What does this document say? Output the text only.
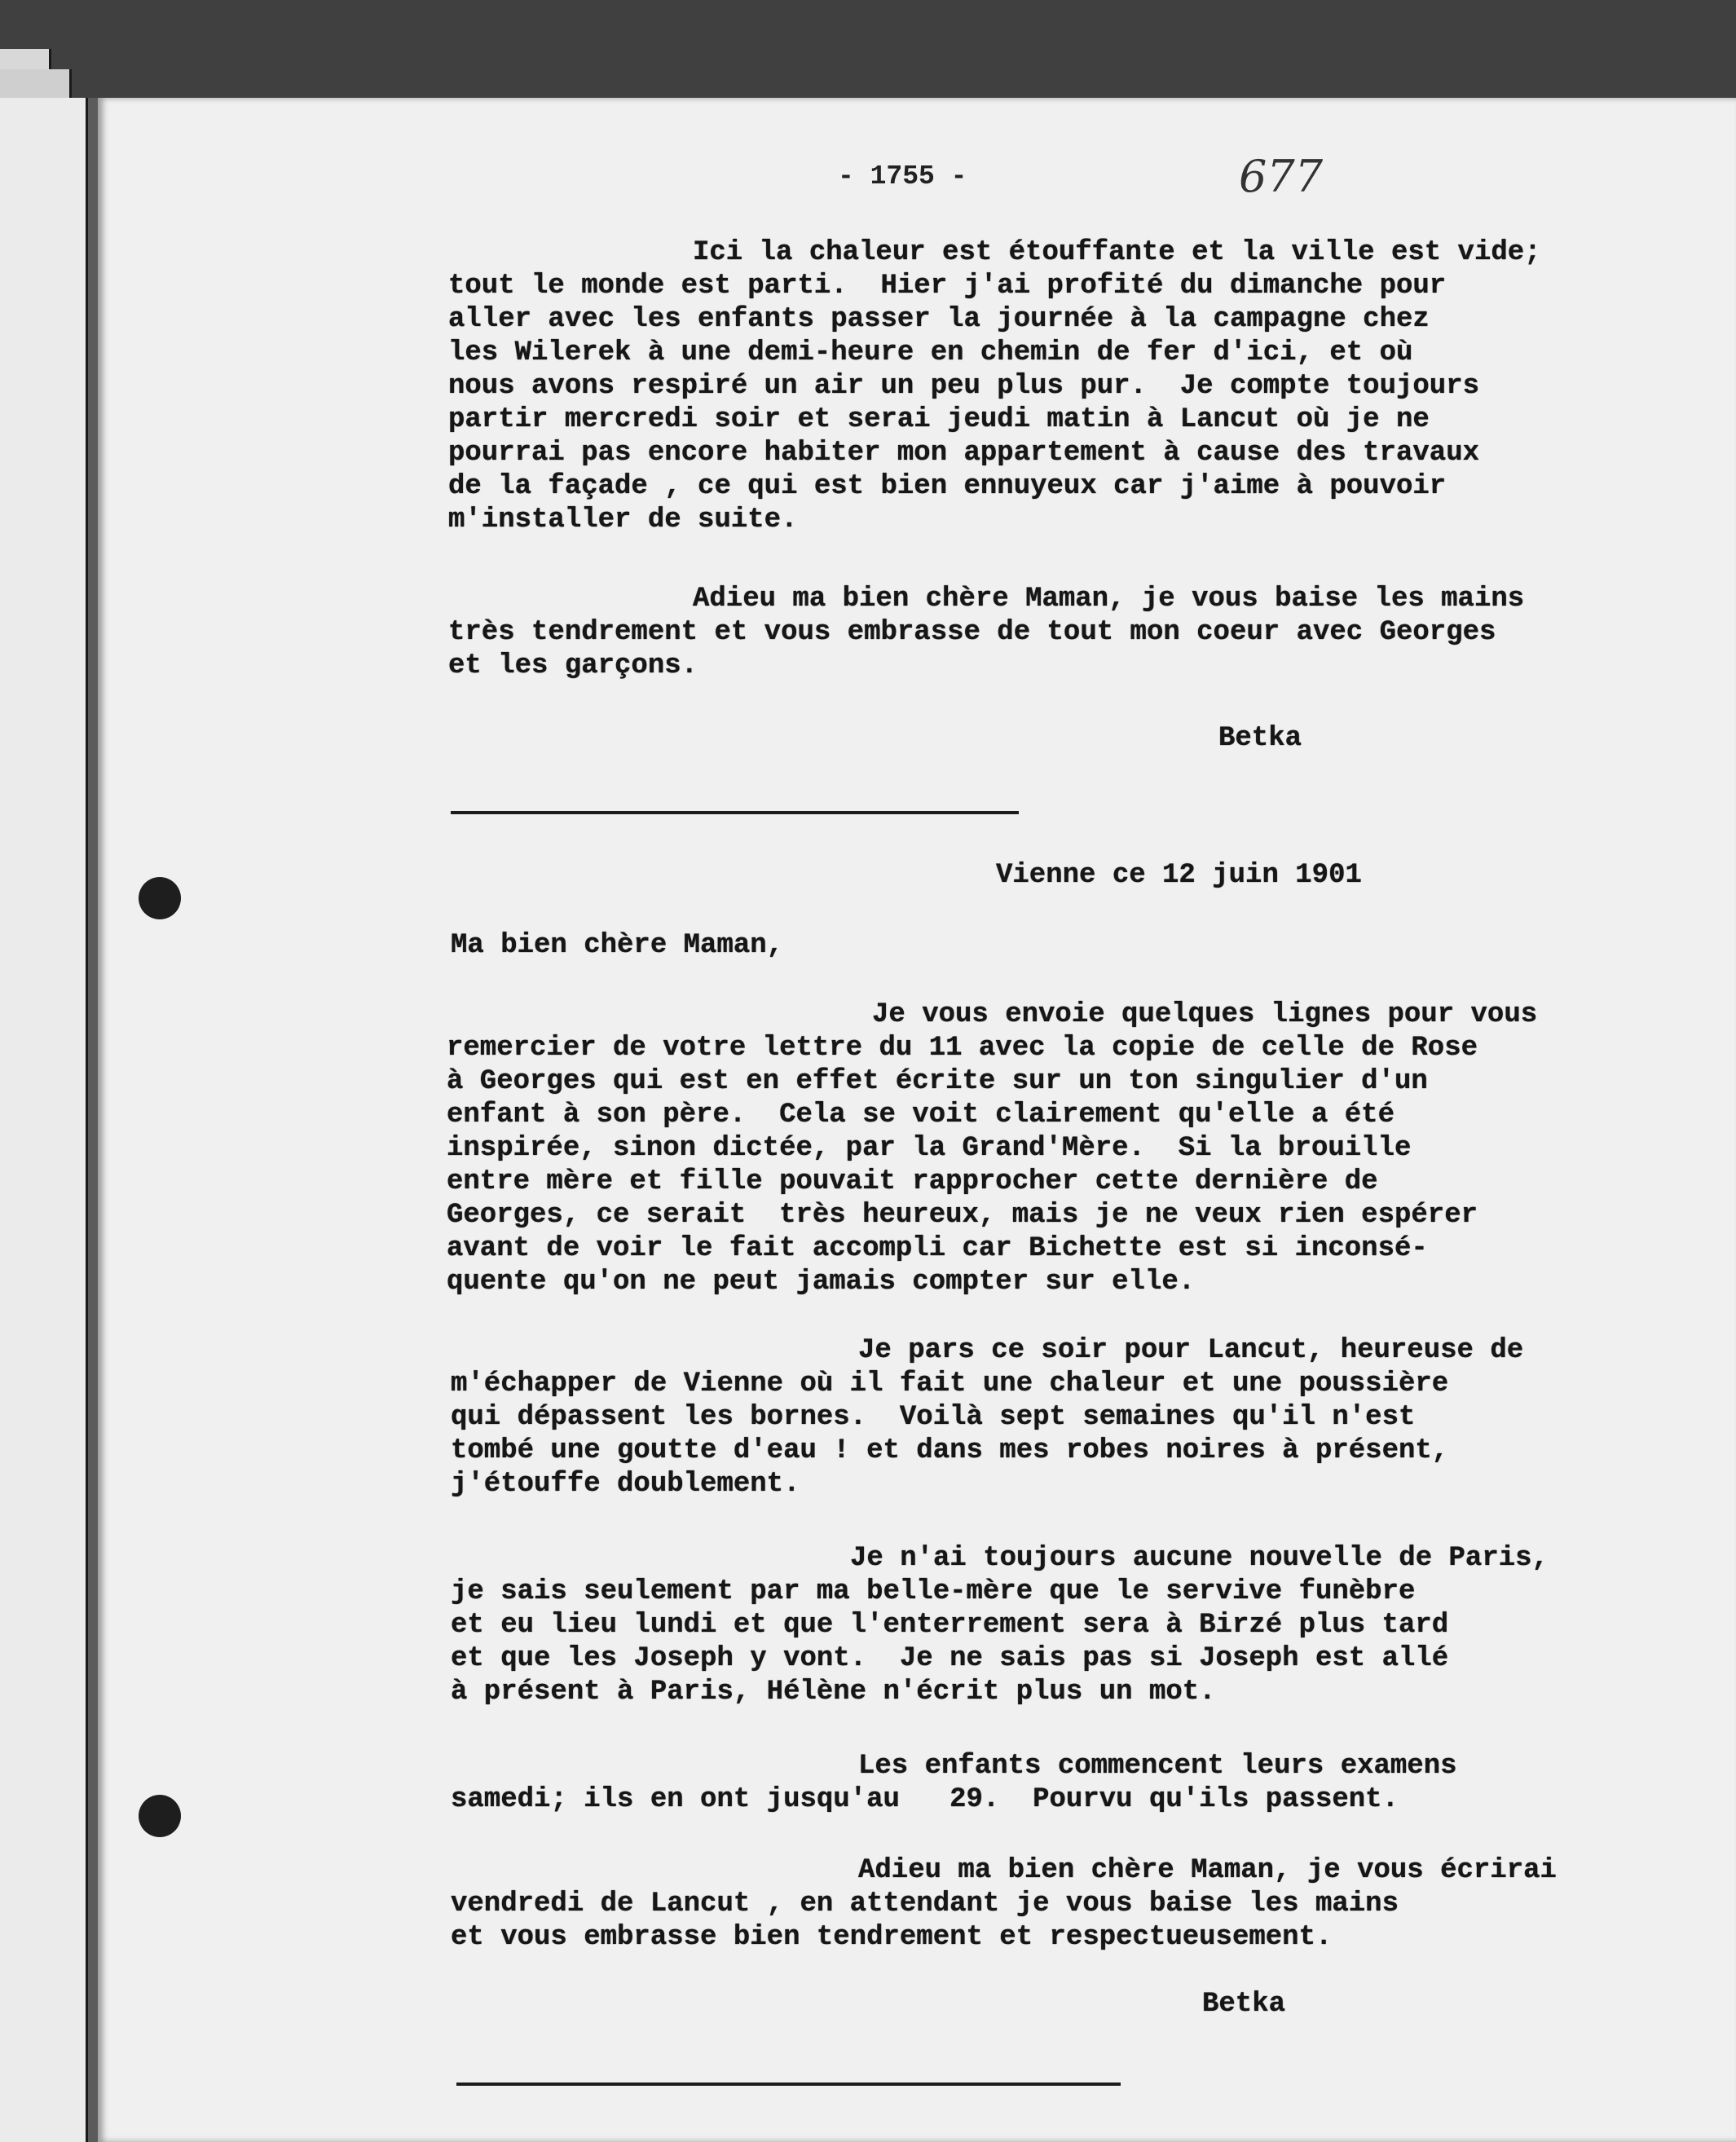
- 1755 -	677
Ici la chaleur est étouffante et la ville est vide;
tout le monde est parti.  Hier j'ai profité du dimanche pour
aller avec les enfants passer la journée à la campagne chez
les Wilerek à une demi-heure en chemin de fer d'ici, et où
nous avons respiré un air un peu plus pur.  Je compte toujours
partir mercredi soir et serai jeudi matin à Lancut où je ne
pourrai pas encore habiter mon appartement à cause des travaux
de la façade , ce qui est bien ennuyeux car j'aime à pouvoir
m'installer de suite.
Adieu ma bien chère Maman, je vous baise les mains
très tendrement et vous embrasse de tout mon coeur avec Georges
et les garçons.
Betka
Vienne ce 12 juin 1901
Ma bien chère Maman,
Je vous envoie quelques lignes pour vous
remercier de votre lettre du 11 avec la copie de celle de Rose
à Georges qui est en effet écrite sur un ton singulier d'un
enfant à son père.  Cela se voit clairement qu'elle a été
inspirée, sinon dictée, par la Grand'Mère.  Si la brouille
entre mère et fille pouvait rapprocher cette dernière de
Georges, ce serait  très heureux, mais je ne veux rien espérer
avant de voir le fait accompli car Bichette est si inconsé-
quente qu'on ne peut jamais compter sur elle.
Je pars ce soir pour Lancut, heureuse de
m'échapper de Vienne où il fait une chaleur et une poussière
qui dépassent les bornes.  Voilà sept semaines qu'il n'est
tombé une goutte d'eau ! et dans mes robes noires à présent,
j'étouffe doublement.
Je n'ai toujours aucune nouvelle de Paris,
je sais seulement par ma belle-mère que le servive funèbre
et eu lieu lundi et que l'enterrement sera à Birzé plus tard
et que les Joseph y vont.  Je ne sais pas si Joseph est allé
à présent à Paris, Hélène n'écrit plus un mot.
Les enfants commencent leurs examens
samedi; ils en ont jusqu'au   29.  Pourvu qu'ils passent.
Adieu ma bien chère Maman, je vous écrirai
vendredi de Lancut , en attendant je vous baise les mains
et vous embrasse bien tendrement et respectueusement.
Betka
